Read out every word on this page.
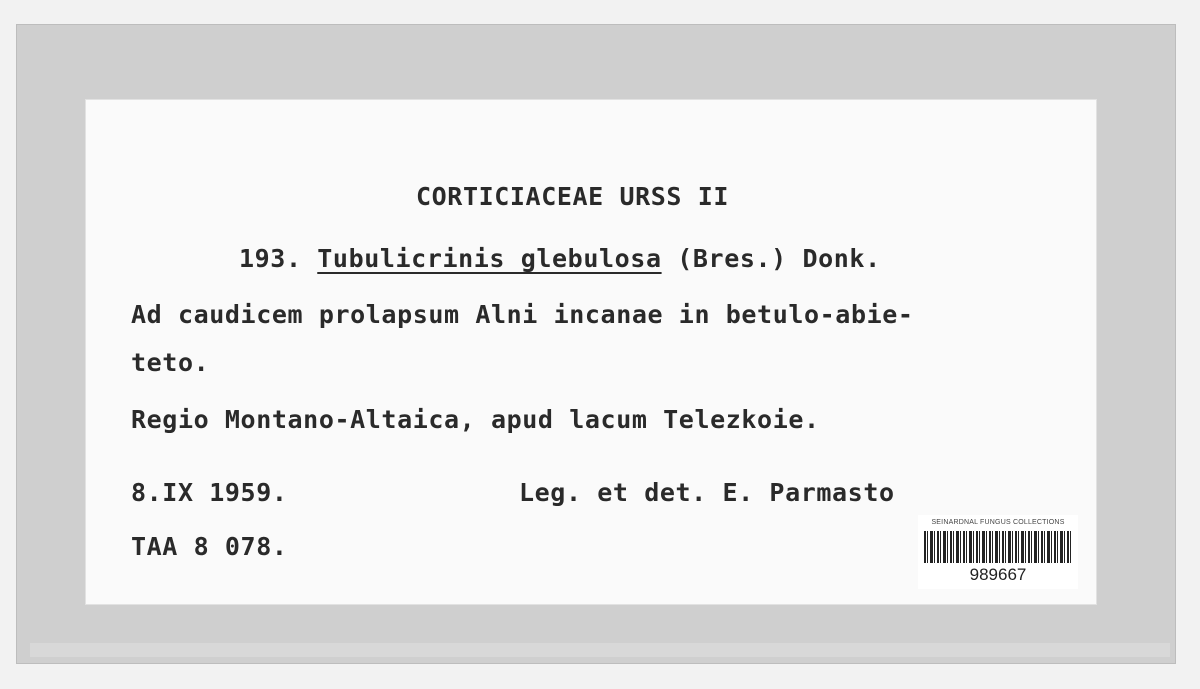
CORTICIACEAE URSS II
193. Tubulicrinis glebulosa (Bres.) Donk.
Ad caudicem prolapsum Alni incanae in betulo-abie-
teto.
Regio Montano-Altaica, apud lacum Telezkoie.
8.IX 1959.	Leg. et det. E. Parmasto
TAA 8 078.
SEINARDNAL FUNGUS COLLECTIONS
989667
